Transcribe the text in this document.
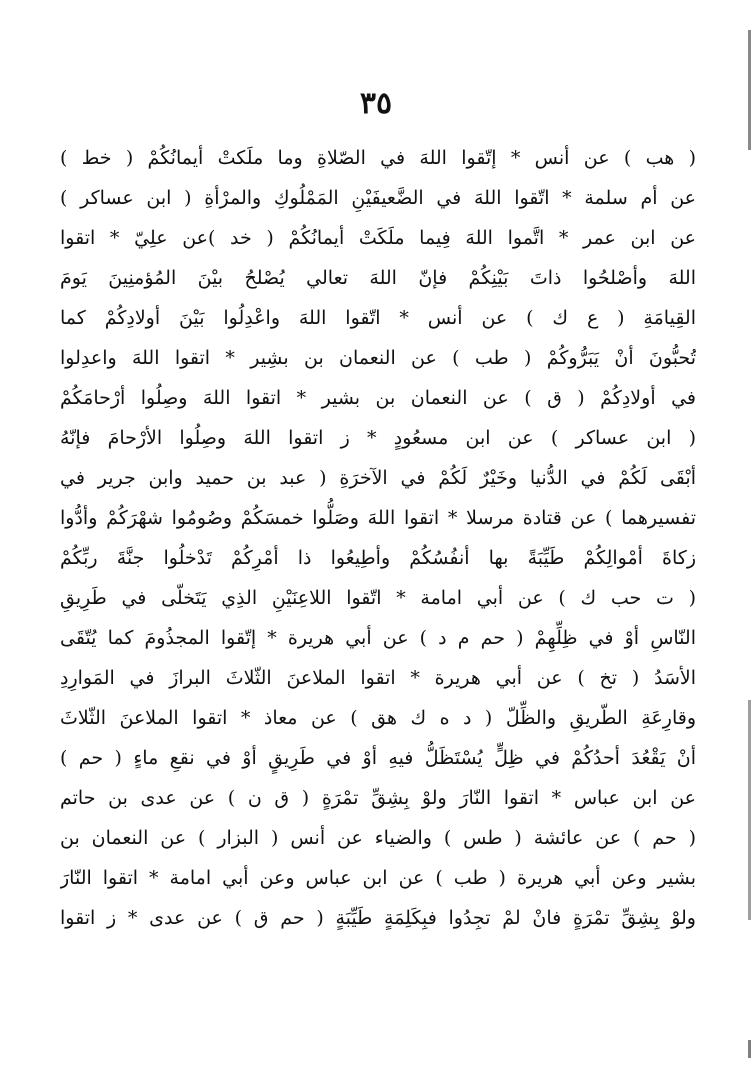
٣٥
( هب ) عن أنس * إتّقوا اللهَ في الصّلاةِ وما ملَكتْ أيمانُكُمْ ( خط )
عن أم سلمة * اتّقوا اللهَ في الضَّعيفَيْنِ المَمْلُوكِ والمرْأةِ ( ابن عساكر )
عن ابن عمر * اتَّموا اللهَ فِيما ملَكَتْ أيمانُكُمْ ( خد )عن علِيّ * اتقوا
اللهَ وأصْلحُوا ذاتَ بَيْنِكُمْ فإنّ اللهَ تعالي يُصْلحُ بيْنَ المُؤمنِينَ يَومَ
القِيامَةِ ( ع ك ) عن أنس * اتّقوا اللهَ واعْدِلُوا بَيْنَ أولادِكُمْ كما
تُحبُّونَ أنْ يَبَرُّوكُمْ ( طب ) عن النعمان بن بشِير * اتقوا اللهَ واعدِلوا
في أولادِكُمْ ( ق ) عن النعمان بن بشير * اتقوا اللهَ وصِلُوا أرْحامَكُمْ
( ابن عساكر ) عن ابن مسعُودٍ * ز اتقوا اللهَ وصِلُوا الأرْحامَ فإنّهُ
أبْقَى لَكُمْ في الدُّنيا وخَيْرٌ لَكُمْ في الآخرَةِ ( عبد بن حميد وابن جرير في
تفسيرهما ) عن قتادة مرسلا * اتقوا اللهَ وصَلُّوا خمسَكُمْ وصُومُوا شهْرَكُمْ وأدُّوا
زكاةَ أمْوالِكُمْ طَيِّبَةً بها أنفُسُكُمْ وأطِيعُوا ذا أمْرِكُمْ تَدْخلُوا جنَّةَ ربِّكُمْ
( ت حب ك ) عن أبي امامة * اتّقوا اللاعِنَيْنِ الذِي يَتَخلّى في طَرِيقِ
النّاسِ أوْ في ظِلِّهِمْ ( حم م د ) عن أبي هريرة * إتّقوا المجذُومَ كما يُتّقَى
الأسَدُ ( تخ ) عن أبي هريرة * اتقوا الملاعنَ الثّلاثَ البرازَ في المَوارِدِ
وقارِعَةِ الطّريقِ والظِّلّ ( د ه ك هق ) عن معاذ * اتقوا الملاعنَ الثّلاثَ
أنْ يَقْعُدَ أحدُكُمْ في ظِلٍّ يُسْتَظَلُّ فيهِ أوْ في طَرِيقٍ أوْ في نقعِ ماءٍ ( حم )
عن ابن عباس * اتقوا النّارَ ولوْ بِشِقِّ تمْرَةٍ ( ق ن ) عن عدى بن حاتم
( حم ) عن عائشة ( طس ) والضياء عن أنس ( البزار ) عن النعمان بن
بشير وعن أبي هريرة ( طب ) عن ابن عباس وعن أبي امامة * اتقوا النّارَ
ولوْ بِشِقِّ تمْرَةٍ فانْ لمْ تجِدُوا فبِكَلِمَةٍ طَيِّبَةٍ ( حم ق ) عن عدى * ز اتقوا
